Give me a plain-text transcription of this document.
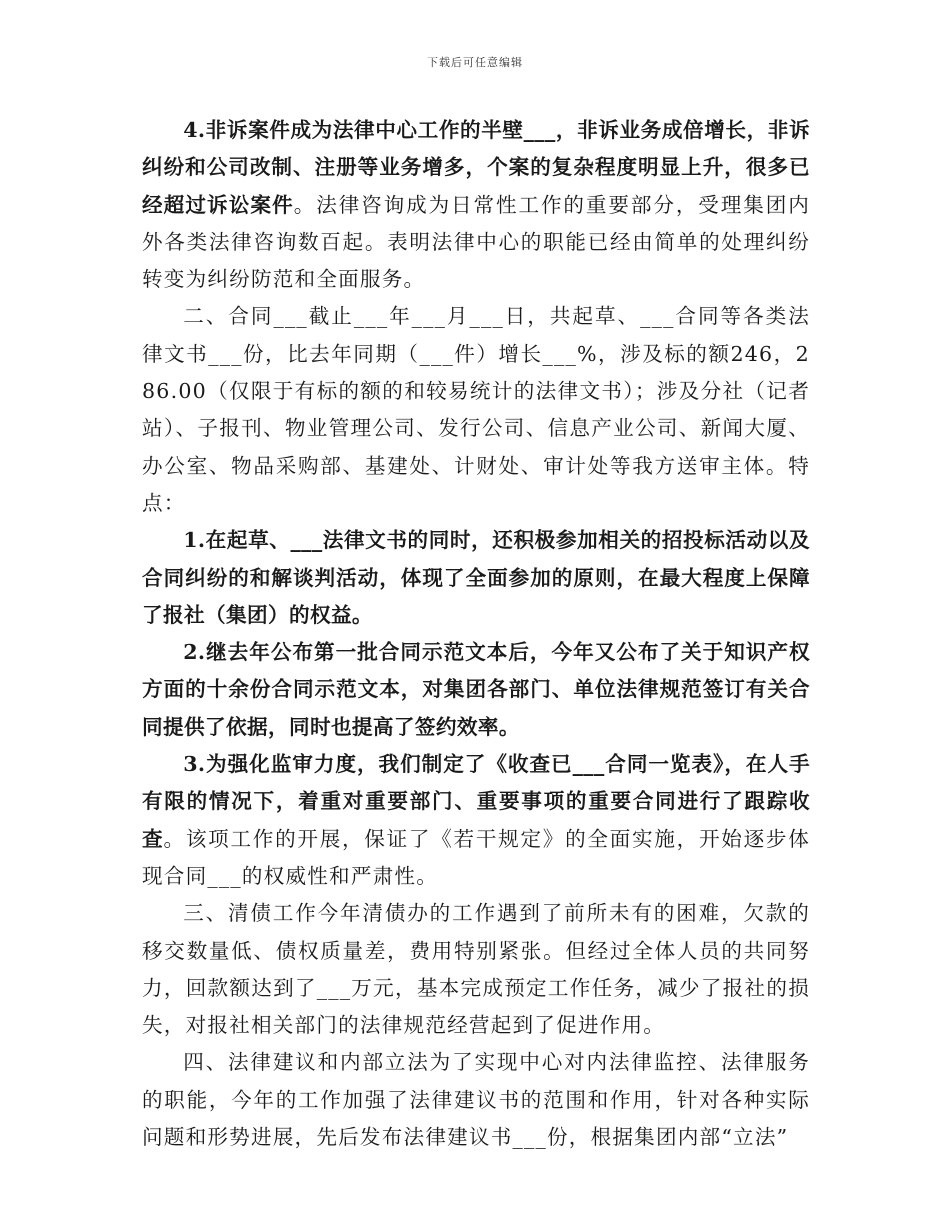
下载后可任意编辑

4.非诉案件成为法律中心工作的半壁___，非诉业务成倍增长，非诉纠纷和公司改制、注册等业务增多，个案的复杂程度明显上升，很多已经超过诉讼案件。法律咨询成为日常性工作的重要部分，受理集团内外各类法律咨询数百起。表明法律中心的职能已经由简单的处理纠纷转变为纠纷防范和全面服务。

二、合同___截止___年___月___日，共起草、___合同等各类法律文书___份，比去年同期（___件）增长___%，涉及标的额246，286.00（仅限于有标的额的和较易统计的法律文书）；涉及分社（记者站）、子报刊、物业管理公司、发行公司、信息产业公司、新闻大厦、办公室、物品采购部、基建处、计财处、审计处等我方送审主体。特点：

1.在起草、___法律文书的同时，还积极参加相关的招投标活动以及合同纠纷的和解谈判活动，体现了全面参加的原则，在最大程度上保障了报社（集团）的权益。

2.继去年公布第一批合同示范文本后，今年又公布了关于知识产权方面的十余份合同示范文本，对集团各部门、单位法律规范签订有关合同提供了依据，同时也提高了签约效率。

3.为强化监审力度，我们制定了《收查已___合同一览表》，在人手有限的情况下，着重对重要部门、重要事项的重要合同进行了跟踪收查。该项工作的开展，保证了《若干规定》的全面实施，开始逐步体现合同___的权威性和严肃性。

三、清债工作今年清债办的工作遇到了前所未有的困难，欠款的移交数量低、债权质量差，费用特别紧张。但经过全体人员的共同努力，回款额达到了___万元，基本完成预定工作任务，减少了报社的损失，对报社相关部门的法律规范经营起到了促进作用。

四、法律建议和内部立法为了实现中心对内法律监控、法律服务的职能，今年的工作加强了法律建议书的范围和作用，针对各种实际问题和形势进展，先后发布法律建议书___份，根据集团内部“立法”
